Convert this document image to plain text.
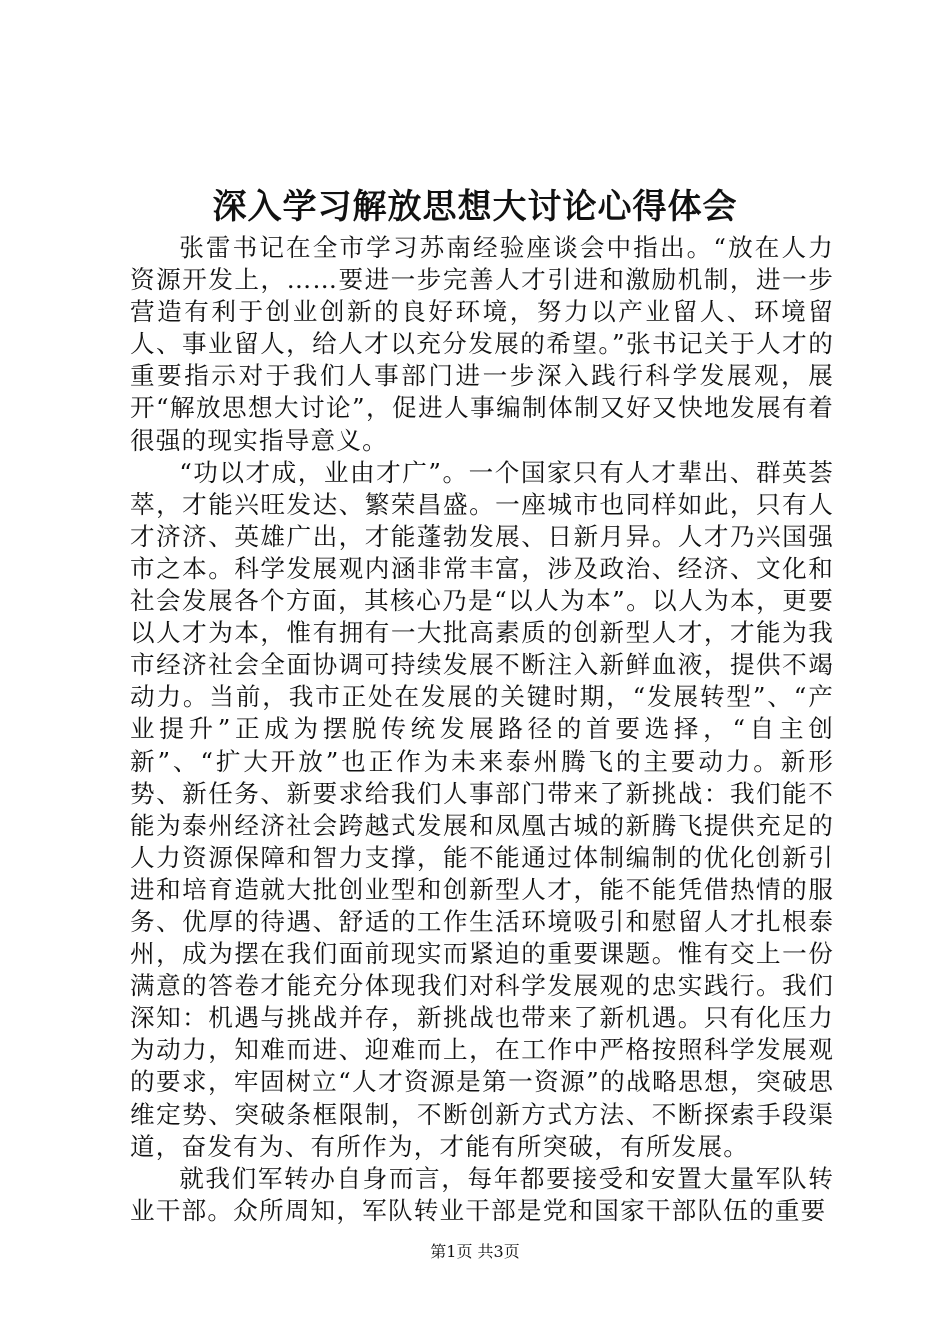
深入学习解放思想大讨论心得体会

张雷书记在全市学习苏南经验座谈会中指出。“放在人力资源开发上，……要进一步完善人才引进和激励机制，进一步营造有利于创业创新的良好环境，努力以产业留人、环境留人、事业留人，给人才以充分发展的希望。”张书记关于人才的重要指示对于我们人事部门进一步深入践行科学发展观，展开“解放思想大讨论”，促进人事编制体制又好又快地发展有着很强的现实指导意义。

“功以才成，业由才广”。一个国家只有人才辈出、群英荟萃，才能兴旺发达、繁荣昌盛。一座城市也同样如此，只有人才济济、英雄广出，才能蓬勃发展、日新月异。人才乃兴国强市之本。科学发展观内涵非常丰富，涉及政治、经济、文化和社会发展各个方面，其核心乃是“以人为本”。以人为本，更要以人才为本，惟有拥有一大批高素质的创新型人才，才能为我市经济社会全面协调可持续发展不断注入新鲜血液，提供不竭动力。当前，我市正处在发展的关键时期，“发展转型”、“产业提升”正成为摆脱传统发展路径的首要选择，“自主创新”、“扩大开放”也正作为未来泰州腾飞的主要动力。新形势、新任务、新要求给我们人事部门带来了新挑战：我们能不能为泰州经济社会跨越式发展和凤凰古城的新腾飞提供充足的人力资源保障和智力支撑，能不能通过体制编制的优化创新引进和培育造就大批创业型和创新型人才，能不能凭借热情的服务、优厚的待遇、舒适的工作生活环境吸引和慰留人才扎根泰州，成为摆在我们面前现实而紧迫的重要课题。惟有交上一份满意的答卷才能充分体现我们对科学发展观的忠实践行。我们深知：机遇与挑战并存，新挑战也带来了新机遇。只有化压力为动力，知难而进、迎难而上，在工作中严格按照科学发展观的要求，牢固树立“人才资源是第一资源”的战略思想，突破思维定势、突破条框限制，不断创新方式方法、不断探索手段渠道，奋发有为、有所作为，才能有所突破，有所发展。

就我们军转办自身而言，每年都要接受和安置大量军队转业干部。众所周知，军队转业干部是党和国家干部队伍的重要

第1页 共3页
